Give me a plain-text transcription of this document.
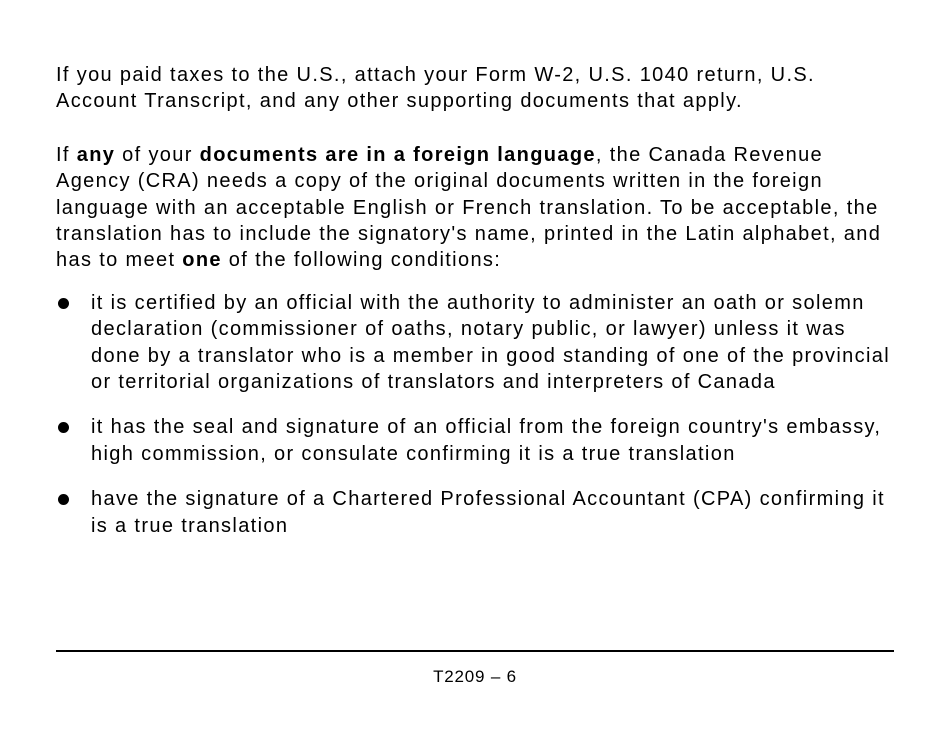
If you paid taxes to the U.S., attach your Form W-2, U.S. 1040 return, U.S. Account Transcript, and any other supporting documents that apply.

If any of your documents are in a foreign language, the Canada Revenue Agency (CRA) needs a copy of the original documents written in the foreign language with an acceptable English or French translation. To be acceptable, the translation has to include the signatory's name, printed in the Latin alphabet, and has to meet one of the following conditions:

it is certified by an official with the authority to administer an oath or solemn declaration (commissioner of oaths, notary public, or lawyer) unless it was done by a translator who is a member in good standing of one of the provincial or territorial organizations of translators and interpreters of Canada
it has the seal and signature of an official from the foreign country's embassy, high commission, or consulate confirming it is a true translation
have the signature of a Chartered Professional Accountant (CPA) confirming it is a true translation
T2209 – 6
